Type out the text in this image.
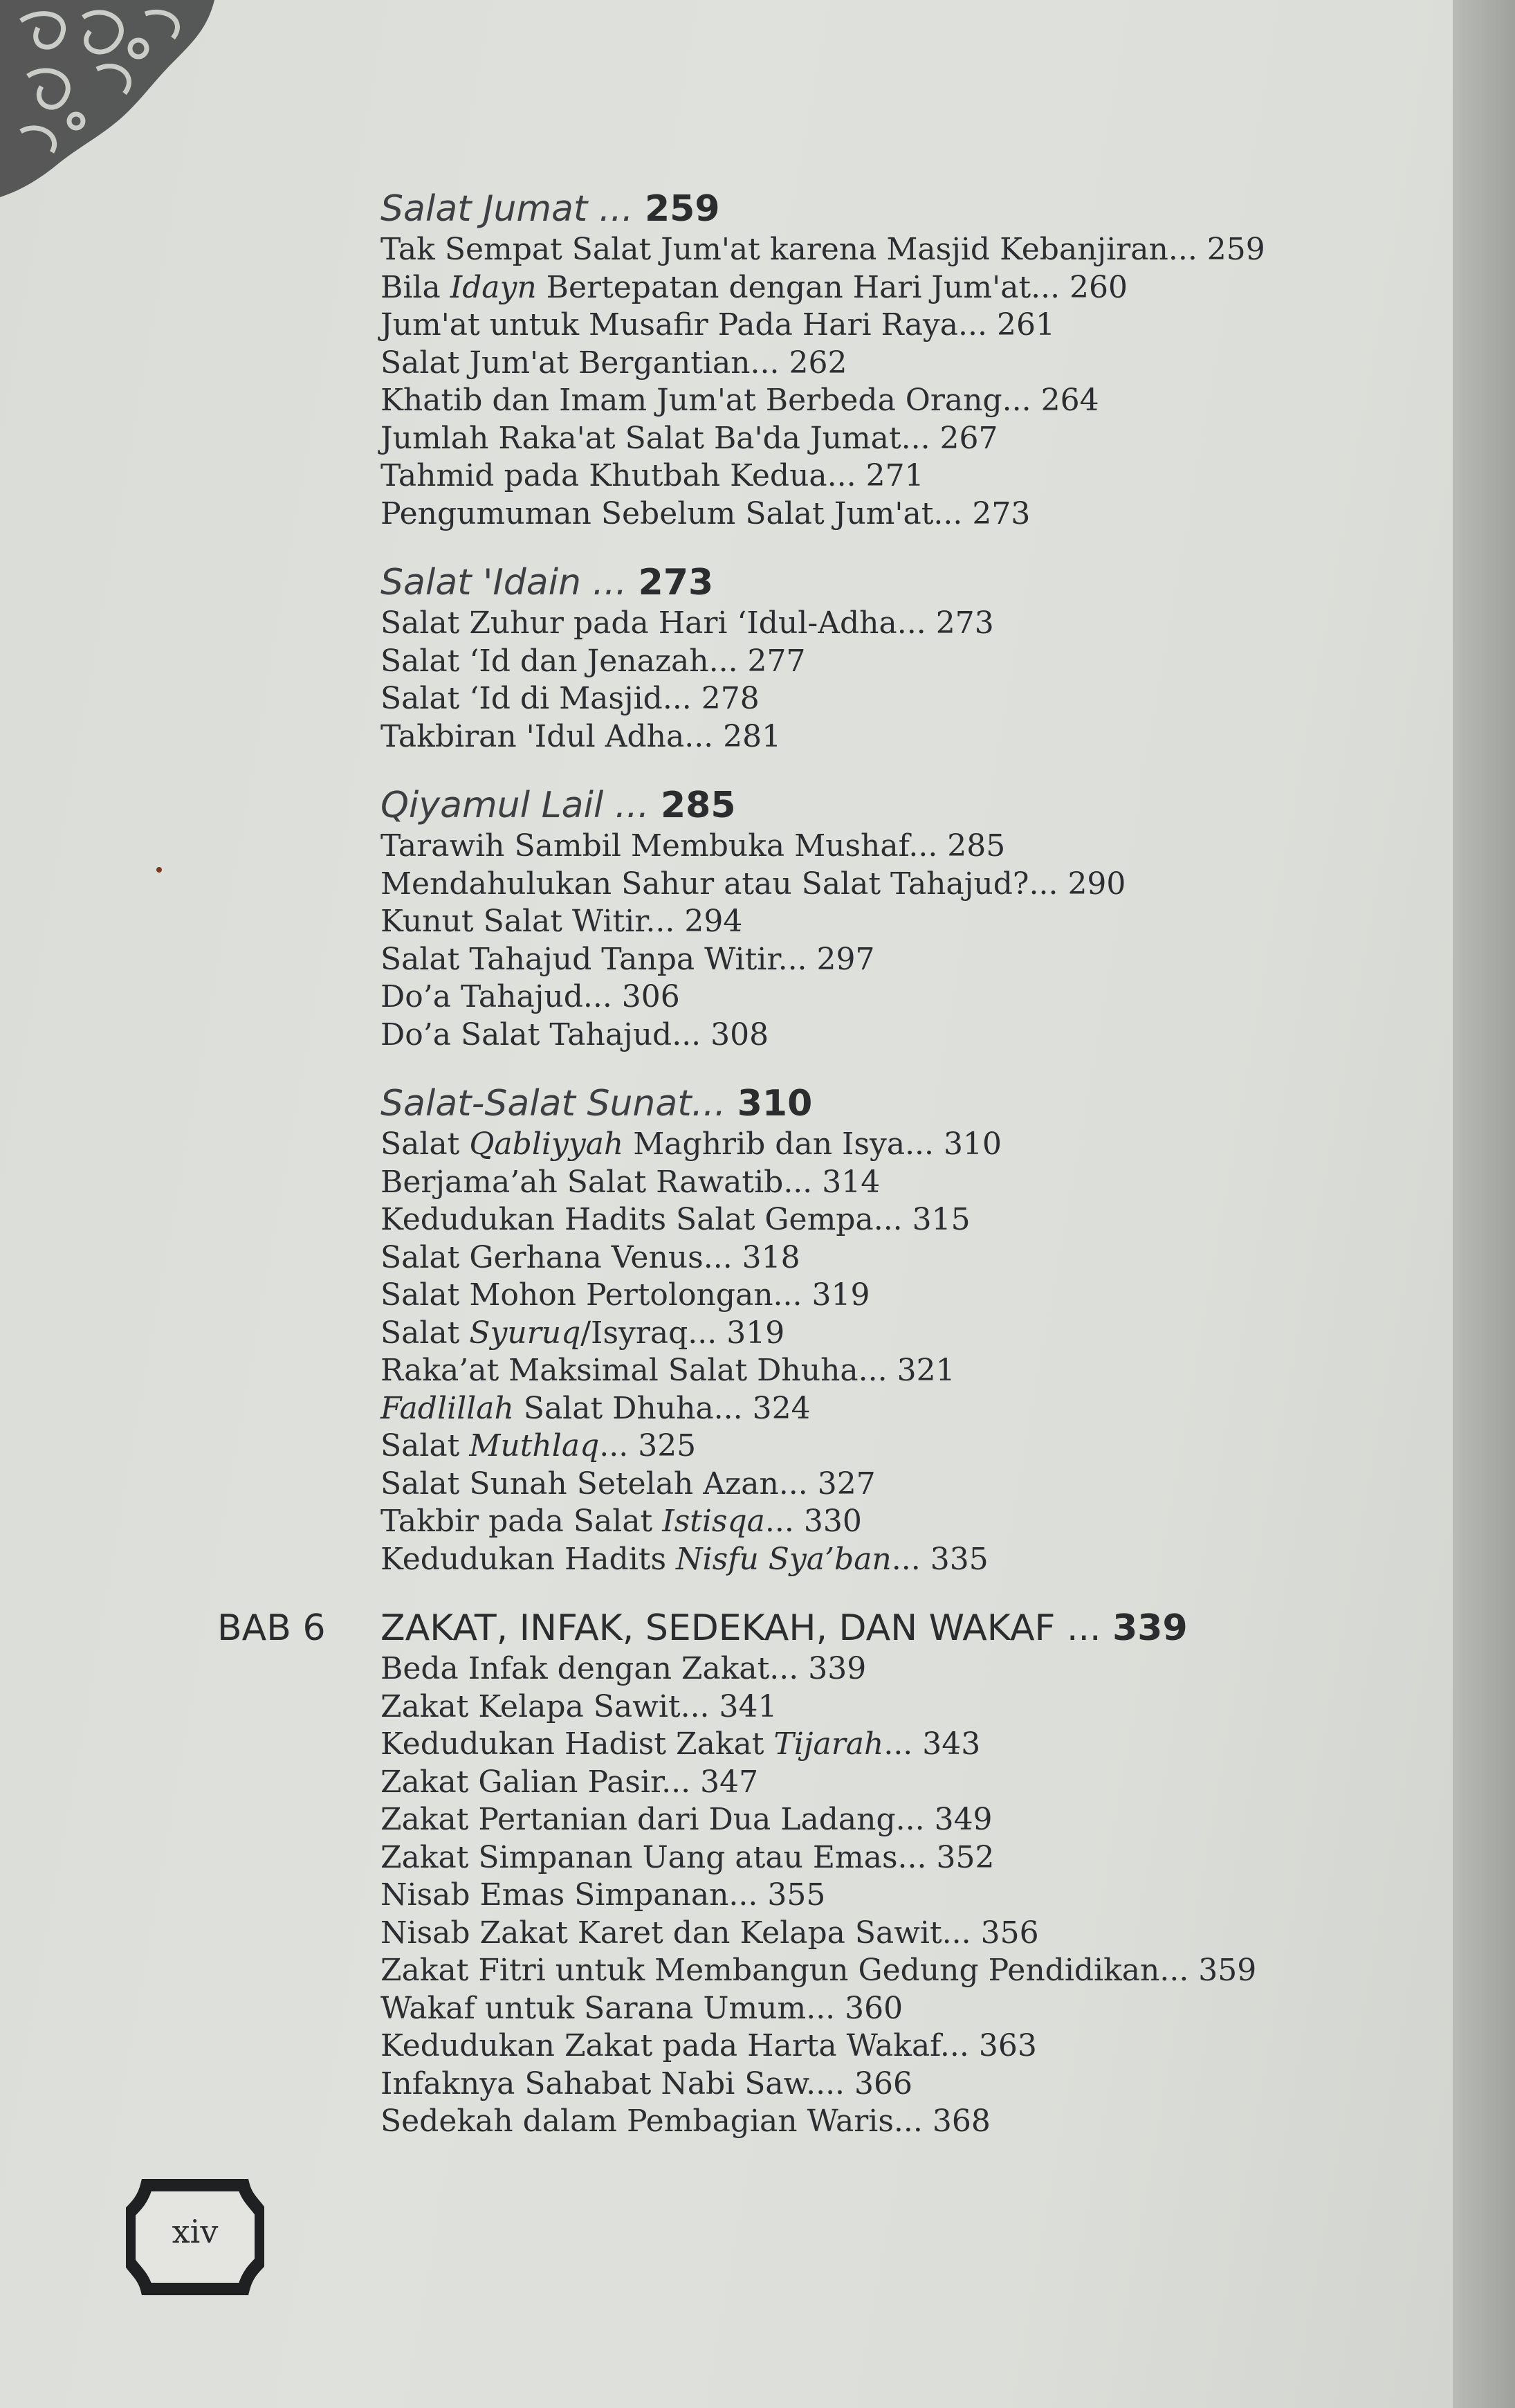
Salat Jumat ... 259
Tak Sempat Salat Jum'at karena Masjid Kebanjiran... 259
Bila Idayn Bertepatan dengan Hari Jum'at... 260
Jum'at untuk Musafir Pada Hari Raya... 261
Salat Jum'at Bergantian... 262
Khatib dan Imam Jum'at Berbeda Orang... 264
Jumlah Raka'at Salat Ba'da Jumat... 267
Tahmid pada Khutbah Kedua... 271
Pengumuman Sebelum Salat Jum'at... 273
Salat 'Idain ... 273
Salat Zuhur pada Hari ‘Idul-Adha... 273
Salat ‘Id dan Jenazah... 277
Salat ‘Id di Masjid... 278
Takbiran 'Idul Adha... 281
Qiyamul Lail ... 285
Tarawih Sambil Membuka Mushaf... 285
Mendahulukan Sahur atau Salat Tahajud?... 290
Kunut Salat Witir... 294
Salat Tahajud Tanpa Witir... 297
Do’a Tahajud... 306
Do’a Salat Tahajud... 308
Salat-Salat Sunat... 310
Salat Qabliyyah Maghrib dan Isya... 310
Berjama’ah Salat Rawatib... 314
Kedudukan Hadits Salat Gempa... 315
Salat Gerhana Venus... 318
Salat Mohon Pertolongan... 319
Salat Syuruq/Isyraq... 319
Raka’at Maksimal Salat Dhuha... 321
Fadlillah Salat Dhuha... 324
Salat Muthlaq... 325
Salat Sunah Setelah Azan... 327
Takbir pada Salat Istisqa... 330
Kedudukan Hadits Nisfu Sya’ban... 335
BAB 6 ZAKAT, INFAK, SEDEKAH, DAN WAKAF ... 339
Beda Infak dengan Zakat... 339
Zakat Kelapa Sawit... 341
Kedudukan Hadist Zakat Tijarah... 343
Zakat Galian Pasir... 347
Zakat Pertanian dari Dua Ladang... 349
Zakat Simpanan Uang atau Emas... 352
Nisab Emas Simpanan... 355
Nisab Zakat Karet dan Kelapa Sawit... 356
Zakat Fitri untuk Membangun Gedung Pendidikan... 359
Wakaf untuk Sarana Umum... 360
Kedudukan Zakat pada Harta Wakaf... 363
Infaknya Sahabat Nabi Saw.... 366
Sedekah dalam Pembagian Waris... 368
xiv
